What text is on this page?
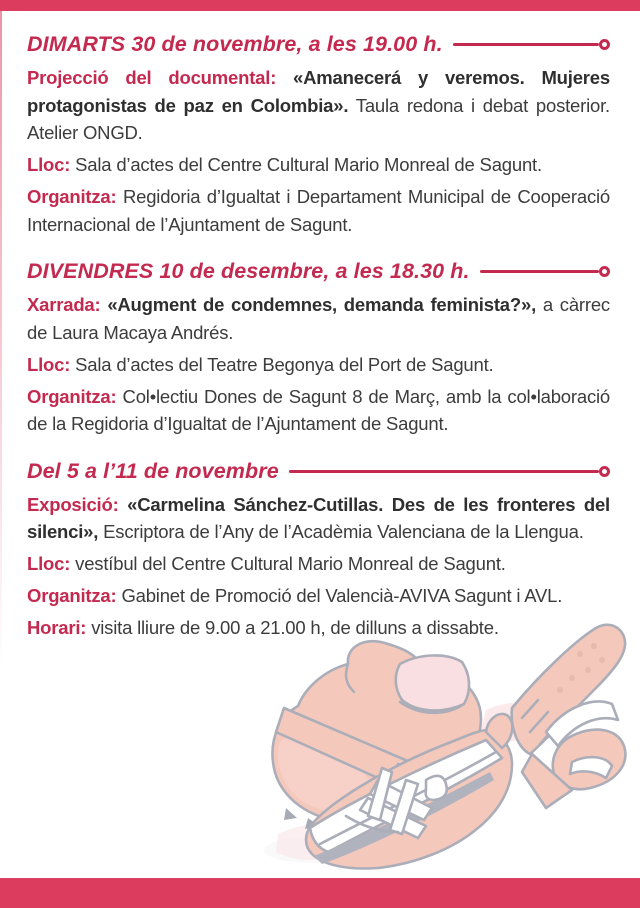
DIMARTS 30 de novembre, a les 19.00 h.

Projecció del documental: «Amanecerá y veremos. Mujeres protagonistas de paz en Colombia». Taula redona i debat posterior. Atelier ONGD.

Lloc: Sala d’actes del Centre Cultural Mario Monreal de Sagunt.

Organitza: Regidoria d’Igualtat i Departament Municipal de Cooperació Internacional de l’Ajuntament de Sagunt.

DIVENDRES 10 de desembre, a les 18.30 h.

Xarrada: «Augment de condemnes, demanda feminista?», a càrrec de Laura Macaya Andrés.

Lloc: Sala d’actes del Teatre Begonya del Port de Sagunt.

Organitza: Col•lectiu Dones de Sagunt 8 de Març, amb la col•laboració de la Regidoria d’Igualtat de l’Ajuntament de Sagunt.

Del 5 a l’11 de novembre

Exposició: «Carmelina Sánchez-Cutillas. Des de les fronteres del silenci», Escriptora de l’Any de l’Acadèmia Valenciana de la Llengua.

Lloc: vestíbul del Centre Cultural Mario Monreal de Sagunt.

Organitza: Gabinet de Promoció del Valencià-AVIVA Sagunt i AVL.

Horari: visita lliure de 9.00 a 21.00 h, de dilluns a dissabte.
